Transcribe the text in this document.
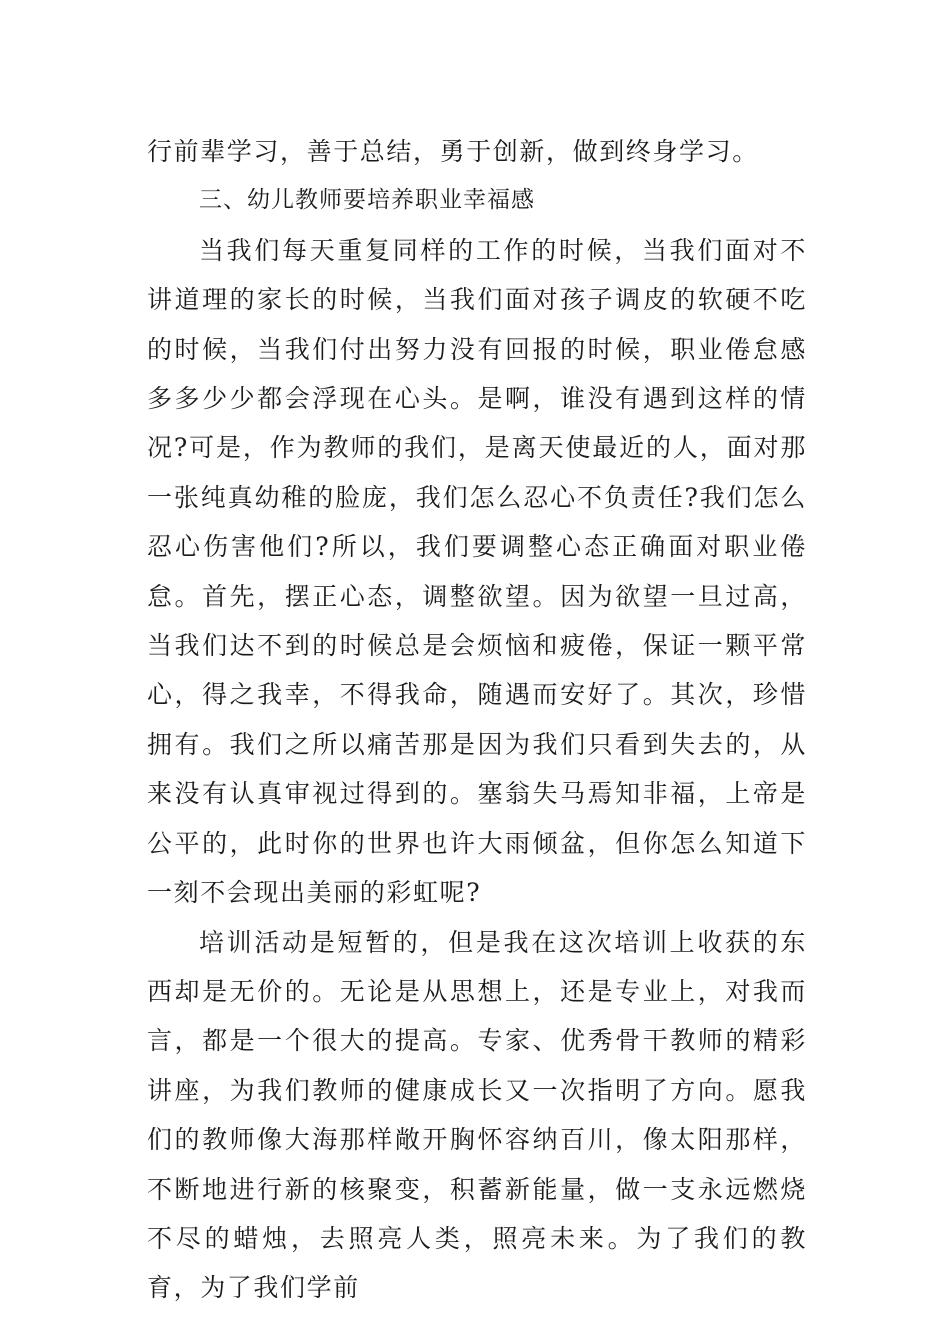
行前辈学习，善于总结，勇于创新，做到终身学习。

三、幼儿教师要培养职业幸福感

当我们每天重复同样的工作的时候，当我们面对不讲道理的家长的时候，当我们面对孩子调皮的软硬不吃的时候，当我们付出努力没有回报的时候，职业倦怠感多多少少都会浮现在心头。是啊，谁没有遇到这样的情况?可是，作为教师的我们，是离天使最近的人，面对那一张纯真幼稚的脸庞，我们怎么忍心不负责任?我们怎么忍心伤害他们?所以，我们要调整心态正确面对职业倦怠。首先，摆正心态，调整欲望。因为欲望一旦过高，当我们达不到的时候总是会烦恼和疲倦，保证一颗平常心，得之我幸，不得我命，随遇而安好了。其次，珍惜拥有。我们之所以痛苦那是因为我们只看到失去的，从来没有认真审视过得到的。塞翁失马焉知非福，上帝是公平的，此时你的世界也许大雨倾盆，但你怎么知道下一刻不会现出美丽的彩虹呢?

培训活动是短暂的，但是我在这次培训上收获的东西却是无价的。无论是从思想上，还是专业上，对我而言，都是一个很大的提高。专家、优秀骨干教师的精彩讲座，为我们教师的健康成长又一次指明了方向。愿我们的教师像大海那样敞开胸怀容纳百川，像太阳那样，不断地进行新的核聚变，积蓄新能量，做一支永远燃烧不尽的蜡烛，去照亮人类，照亮未来。为了我们的教育，为了我们学前
